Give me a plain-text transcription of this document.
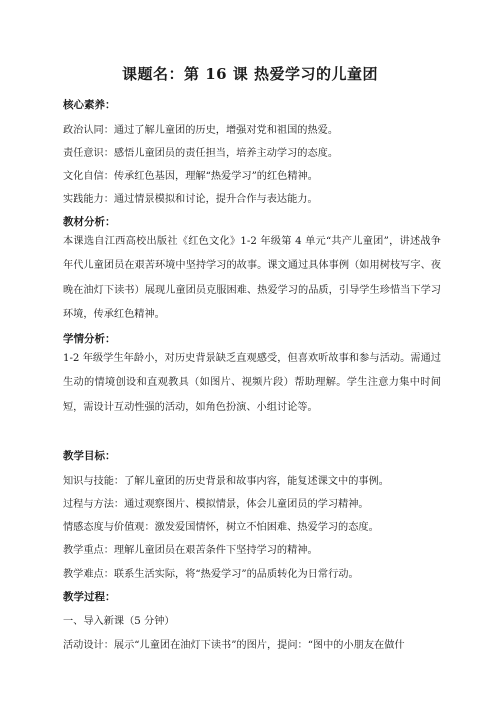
课题名：第 16 课 热爱学习的儿童团
核心素养：
政治认同：通过了解儿童团的历史，增强对党和祖国的热爱。
责任意识：感悟儿童团员的责任担当，培养主动学习的态度。
文化自信：传承红色基因，理解“热爱学习”的红色精神。
实践能力：通过情景模拟和讨论，提升合作与表达能力。
教材分析：
本课选自江西高校出版社《红色文化》1-2 年级第 4 单元“共产儿童团”，讲述战争年代儿童团员在艰苦环境中坚持学习的故事。课文通过具体事例（如用树枝写字、夜晚在油灯下读书）展现儿童团员克服困难、热爱学习的品质，引导学生珍惜当下学习环境，传承红色精神。
学情分析：
1-2 年级学生年龄小，对历史背景缺乏直观感受，但喜欢听故事和参与活动。需通过生动的情境创设和直观教具（如图片、视频片段）帮助理解。学生注意力集中时间短，需设计互动性强的活动，如角色扮演、小组讨论等。
教学目标：
知识与技能：了解儿童团的历史背景和故事内容，能复述课文中的事例。
过程与方法：通过观察图片、模拟情景，体会儿童团员的学习精神。
情感态度与价值观：激发爱国情怀，树立不怕困难、热爱学习的态度。
教学重点：理解儿童团员在艰苦条件下坚持学习的精神。
教学难点：联系生活实际，将“热爱学习”的品质转化为日常行动。
教学过程：
一、导入新课（5 分钟）
活动设计：展示“儿童团在油灯下读书”的图片，提问：“图中的小朋友在做什
